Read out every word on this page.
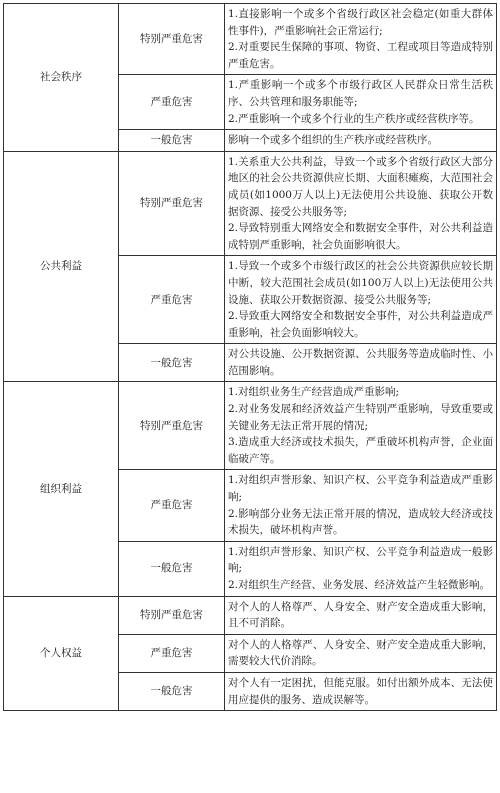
社会秩序	特别严重危害	1.直接影响一个或多个省级行政区社会稳定(如重大群体性事件)，严重影响社会正常运行;
2.对重要民生保障的事项、物资、工程或项目等造成特别严重危害。

	严重危害	1.严重影响一个或多个市级行政区人民群众日常生活秩序、公共管理和服务职能等;
2.严重影响一个或多个行业的生产秩序或经营秩序等。

	一般危害	影响一个或多个组织的生产秩序或经营秩序。

公共利益	特别严重危害	1.关系重大公共利益，导致一个或多个省级行政区大部分地区的社会公共资源供应长期、大面积瘫痪，大范围社会成员(如1000万人以上)无法使用公共设施、获取公开数据资源、接受公共服务等;
2.导致特别重大网络安全和数据安全事件，对公共利益造成特别严重影响，社会负面影响很大。

	严重危害	1.导致一个或多个市级行政区的社会公共资源供应较长期中断，较大范围社会成员(如100万人以上)无法使用公共设施、获取公开数据资源、接受公共服务等;
2.导致重大网络安全和数据安全事件，对公共利益造成严重影响，社会负面影响较大。

	一般危害	对公共设施、公开数据资源、公共服务等造成临时性、小范围影响。

组织利益	特别严重危害	1.对组织业务生产经营造成严重影响;
2.对业务发展和经济效益产生特别严重影响，导致重要或关键业务无法正常开展的情况;
3.造成重大经济或技术损失，严重破坏机构声誉，企业面临破产等。

	严重危害	1.对组织声誉形象、知识产权、公平竞争利益造成严重影响;
2.影响部分业务无法正常开展的情况，造成较大经济或技术损失，破坏机构声誉。

	一般危害	1.对组织声誉形象、知识产权、公平竞争利益造成一般影响;
2.对组织生产经营、业务发展、经济效益产生轻微影响。

个人权益	特别严重危害	对个人的人格尊严、人身安全、财产安全造成重大影响，且不可消除。

	严重危害	对个人的人格尊严、人身安全、财产安全造成重大影响，需要较大代价消除。

	一般危害	对个人有一定困扰，但能克服。如付出额外成本、无法使用应提供的服务、造成误解等。
